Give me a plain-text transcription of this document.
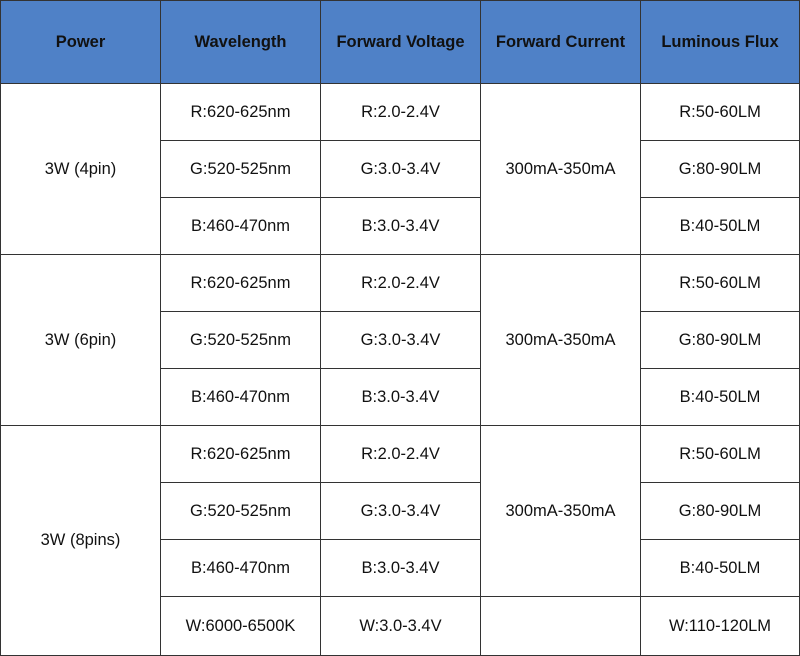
Power	Wavelength	Forward Voltage	Forward Current	Luminous Flux
3W (4pin)	R:620-625nm	R:2.0-2.4V	300mA-350mA	R:50-60LM
	G:520-525nm	G:3.0-3.4V		G:80-90LM
	B:460-470nm	B:3.0-3.4V		B:40-50LM
3W (6pin)	R:620-625nm	R:2.0-2.4V	300mA-350mA	R:50-60LM
	G:520-525nm	G:3.0-3.4V		G:80-90LM
	B:460-470nm	B:3.0-3.4V		B:40-50LM
3W (8pins)	R:620-625nm	R:2.0-2.4V	300mA-350mA	R:50-60LM
	G:520-525nm	G:3.0-3.4V		G:80-90LM
	B:460-470nm	B:3.0-3.4V		B:40-50LM
	W:6000-6500K	W:3.0-3.4V		W:110-120LM
